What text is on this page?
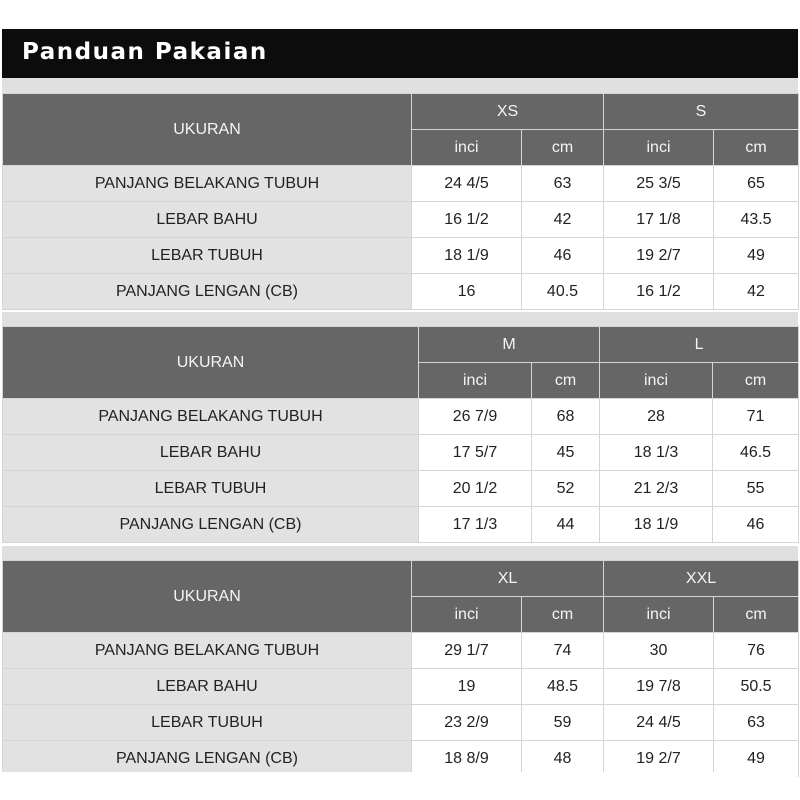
Panduan Pakaian
UKURAN	XS		S	
	inci	cm	inci	cm
PANJANG BELAKANG TUBUH	24 4/5	63	25 3/5	65
LEBAR BAHU	16 1/2	42	17 1/8	43.5
LEBAR TUBUH	18 1/9	46	19 2/7	49
PANJANG LENGAN (CB)	16	40.5	16 1/2	42
UKURAN	M		L	
	inci	cm	inci	cm
PANJANG BELAKANG TUBUH	26 7/9	68	28	71
LEBAR BAHU	17 5/7	45	18 1/3	46.5
LEBAR TUBUH	20 1/2	52	21 2/3	55
PANJANG LENGAN (CB)	17 1/3	44	18 1/9	46
UKURAN	XL		XXL	
	inci	cm	inci	cm
PANJANG BELAKANG TUBUH	29 1/7	74	30	76
LEBAR BAHU	19	48.5	19 7/8	50.5
LEBAR TUBUH	23 2/9	59	24 4/5	63
PANJANG LENGAN (CB)	18 8/9	48	19 2/7	49
